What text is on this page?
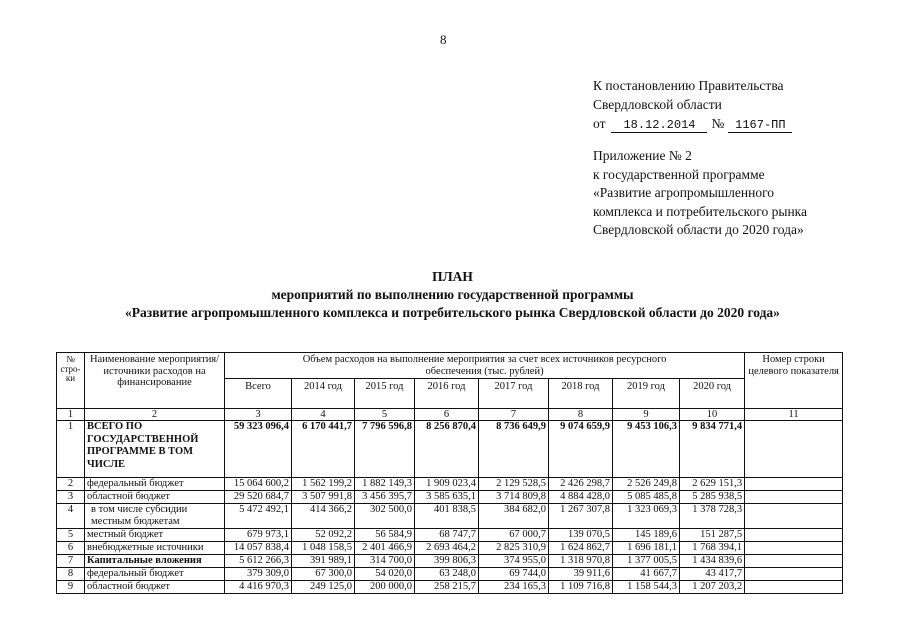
8
К постановлению Правительства
Свердловской области
от	18.12.2014	№ 1167-ПП
Приложение № 2
к государственной программе
«Развитие агропромышленного
комплекса и потребительского рынка
Свердловской области до 2020 года»
ПЛАН
мероприятий по выполнению государственной программы
«Развитие агропромышленного комплекса и потребительского рынка Свердловской области до 2020 года»
№ стро- ки	Наименование мероприятия/ источники расходов на финансирование	Объем расходов на выполнение мероприятия за счет всех источников ресурсного обеспечения (тыс. рублей)								Номер строки целевого показателя
		Всего	2014 год	2015 год	2016 год	2017 год	2018 год	2019 год	2020 год	
1	2	3	4	5	6	7	8	9	10	11
1	ВСЕГО ПО ГОСУДАРСТВЕННОЙ ПРОГРАММЕ В ТОМ ЧИСЛЕ	59 323 096,4	6 170 441,7	7 796 596,8	8 256 870,4	8 736 649,9	9 074 659,9	9 453 106,3	9 834 771,4	
2	федеральный бюджет	15 064 600,2	1 562 199,2	1 882 149,3	1 909 023,4	2 129 528,5	2 426 298,7	2 526 249,8	2 629 151,3	
3	областной бюджет	29 520 684,7	3 507 991,8	3 456 395,7	3 585 635,1	3 714 809,8	4 884 428,0	5 085 485,8	5 285 938,5	
4	в том числе субсидии местным бюджетам	5 472 492,1	414 366,2	302 500,0	401 838,5	384 682,0	1 267 307,8	1 323 069,3	1 378 728,3	
5	местный бюджет	679 973,1	52 092,2	56 584,9	68 747,7	67 000,7	139 070,5	145 189,6	151 287,5	
6	внебюджетные источники	14 057 838,4	1 048 158,5	2 401 466,9	2 693 464,2	2 825 310,9	1 624 862,7	1 696 181,1	1 768 394,1	
7	Капитальные вложения	5 612 266,3	391 989,1	314 700,0	399 806,3	374 955,0	1 318 970,8	1 377 005,5	1 434 839,6	
8	федеральный бюджет	379 309,0	67 300,0	54 020,0	63 248,0	69 744,0	39 911,6	41 667,7	43 417,7	
9	областной бюджет	4 416 970,3	249 125,0	200 000,0	258 215,7	234 165,3	1 109 716,8	1 158 544,3	1 207 203,2	
